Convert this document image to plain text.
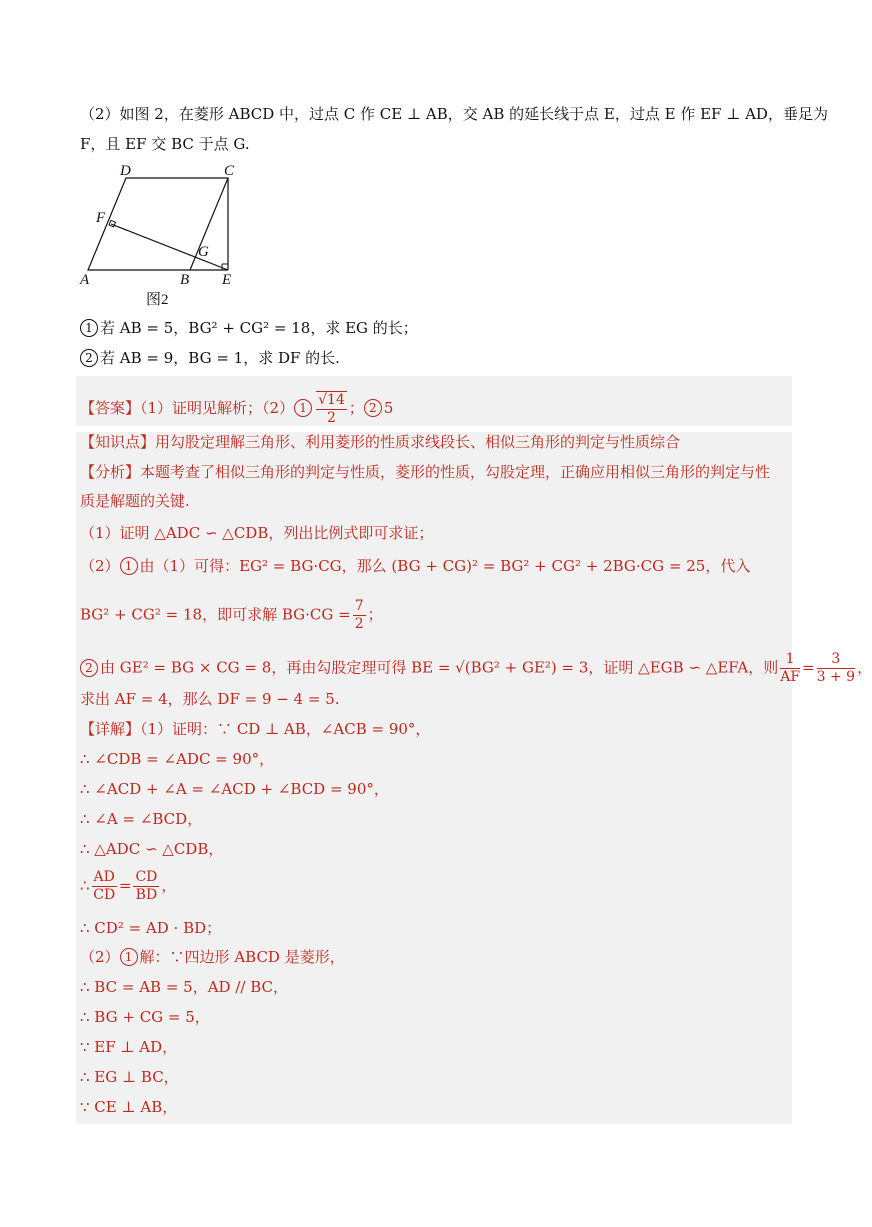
（2）如图 2，在菱形 ABCD 中，过点 C 作 CE ⊥ AB，交 AB 的延长线于点 E，过点 E 作 EF ⊥ AD，垂足为
F，且 EF 交 BC 于点 G.
D	C
F
G
A	B E
图2
1 若 AB = 5，BG² + CG² = 18，求 EG 的长；
2 若 AB = 9，BG = 1，求 DF 的长.
【答案】（1）证明见解析；（2） $1 \frac{√14}{2}$ ； 2 5
【知识点】用勾股定理解三角形、利用菱形的性质求线段长、相似三角形的判定与性质综合
【分析】本题考查了相似三角形的判定与性质，菱形的性质，勾股定理，正确应用相似三角形的判定与性
质是解题的关键.
（1）证明 △ADC ∽ △CDB，列出比例式即可求证；
（2） 1 由（1）可得：EG² = BG·CG，那么 (BG + CG)² = BG² + CG² + 2BG·CG = 25，代入
BG² + CG² = 18，即可求解 $BG\cdot CG = \frac{7}{2}$ ；
2 由 GE² = BG × CG = 8，再由勾股定理可得 BE = √(BG² + GE²) = 3，证明 △EGB ∽ △EFA，则 $\frac{1}{AF} = \frac{3}{3 + 9}$ ，
求出 AF = 4，那么 DF = 9 − 4 = 5.
【详解】（1）证明：∵ CD ⊥ AB，∠ACB = 90°，
∴ ∠CDB = ∠ADC = 90°，
∴ ∠ACD + ∠A = ∠ACD + ∠BCD = 90°，
∴ ∠A = ∠BCD，
∴ △ADC ∽ △CDB，
∴ $\frac{AD}{CD} = \frac{CD}{BD}$ ，
∴ CD² = AD · BD；
（2） 1 解：∵四边形 ABCD 是菱形，
∴ BC = AB = 5，AD // BC，
∴ BG + CG = 5，
∵ EF ⊥ AD，
∴ EG ⊥ BC，
∵ CE ⊥ AB，
